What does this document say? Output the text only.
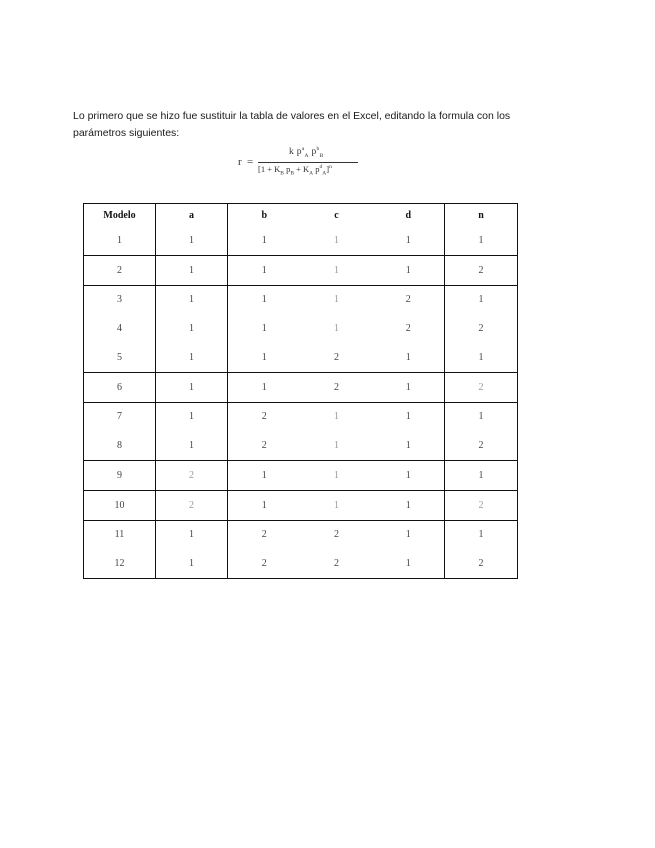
Lo primero que se hizo fue sustituir la tabla de valores en el Excel, editando la formula con los parámetros siguientes:

r =
k $p^a_A$ $p^b_B$
[$1 + K_B$ $p_B + K_A$ $p^d_A]^n$
Modelo	a	b	c	d	n
1	1	1	1	1	1
2	1	1	1	1	2
3	1	1	1	2	1
4	1	1	1	2	2
5	1	1	2	1	1
6	1	1	2	1	2
7	1	2	1	1	1
8	1	2	1	1	2
9	2	1	1	1	1
10	2	1	1	1	2
11	1	2	2	1	1
12	1	2	2	1	2
